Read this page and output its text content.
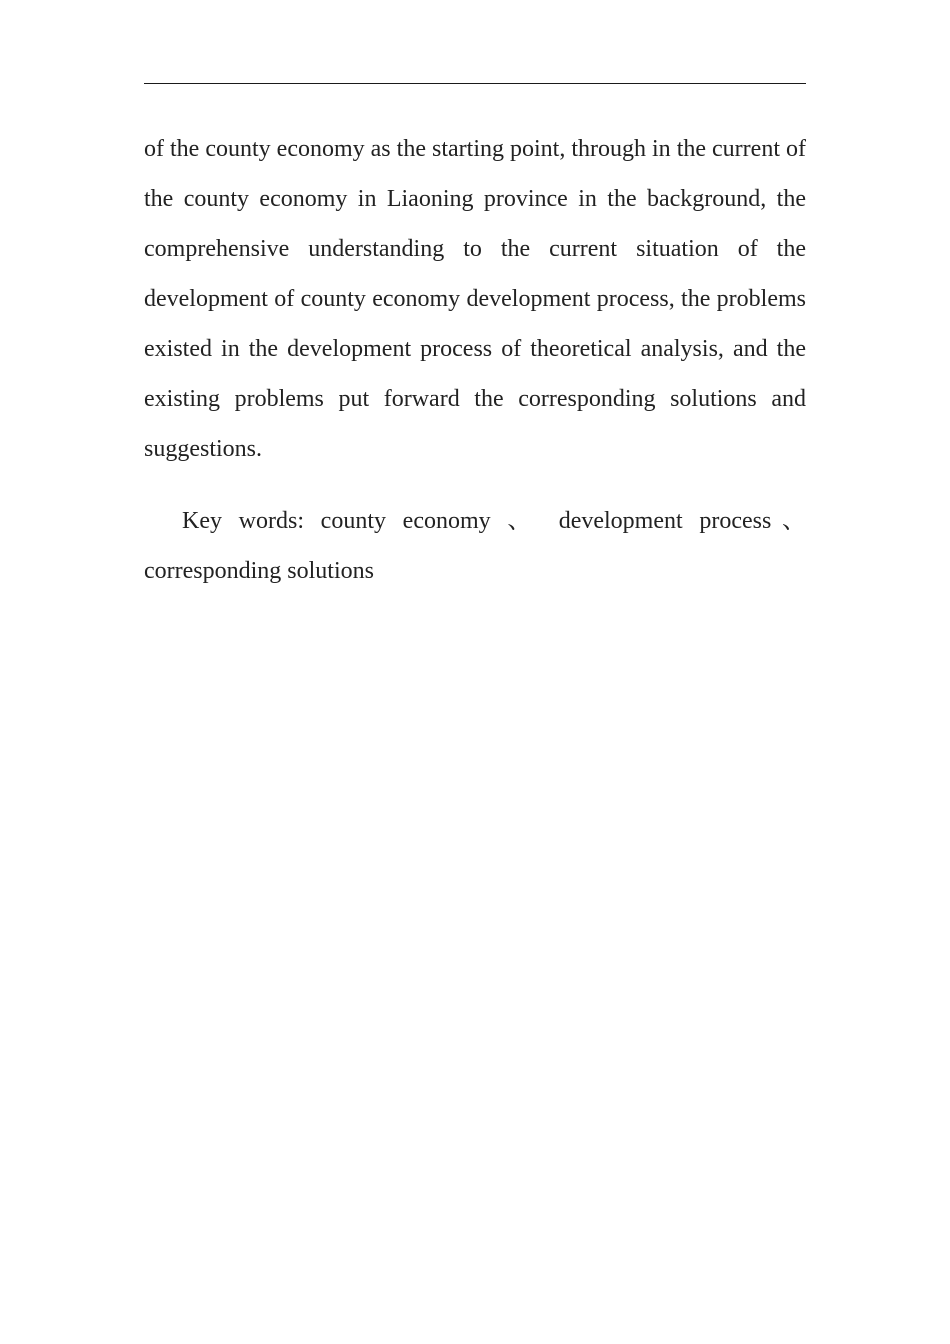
of the county economy as the starting point, through in the current of the county economy in Liaoning province in the background, the comprehensive understanding to the current situation of the development of county economy development process, the problems existed in the development process of theoretical analysis, and the existing problems put forward the corresponding solutions and suggestions.

Key words: county economy 、 development process、corresponding solutions
